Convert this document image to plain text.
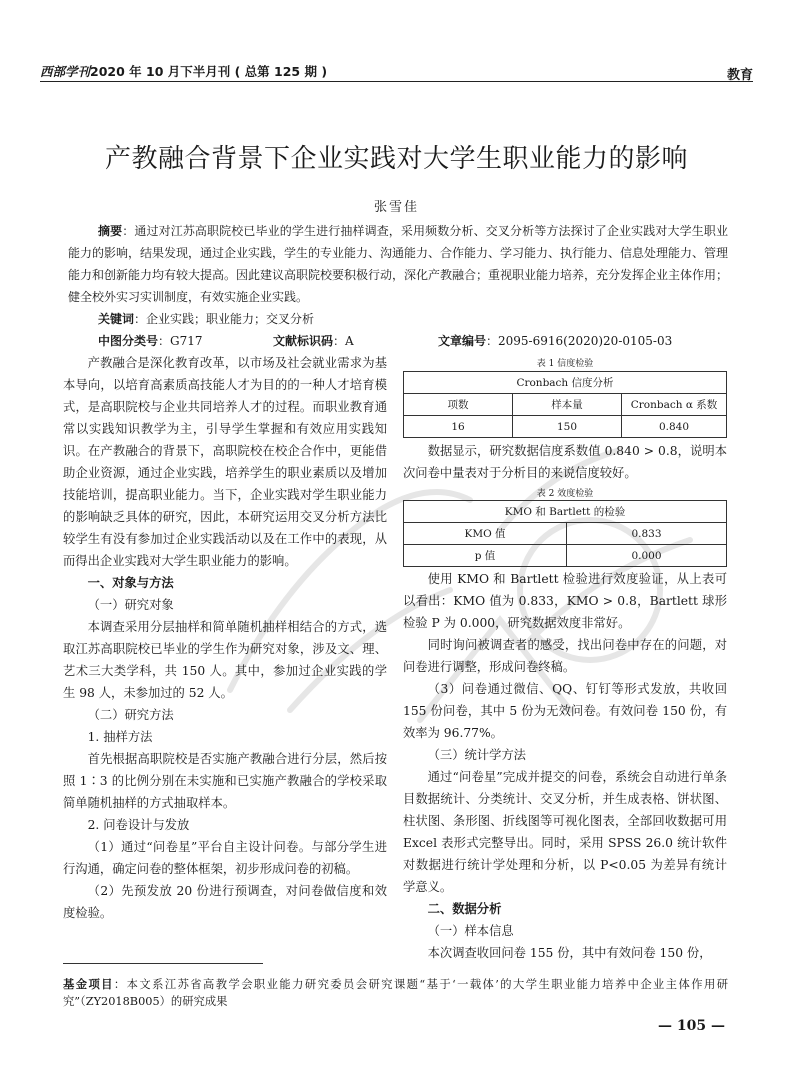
西部学刊2020 年 10 月下半月刊 ( 总第 125 期 )	教育
产教融合背景下企业实践对大学生职业能力的影响
张雪佳
摘要：通过对江苏高职院校已毕业的学生进行抽样调查，采用频数分析、交叉分析等方法探讨了企业实践对大学生职业能力的影响，结果发现，通过企业实践，学生的专业能力、沟通能力、合作能力、学习能力、执行能力、信息处理能力、管理能力和创新能力均有较大提高。因此建议高职院校要积极行动，深化产教融合；重视职业能力培养，充分发挥企业主体作用；健全校外实习实训制度，有效实施企业实践。
关键词：企业实践；职业能力；交叉分析
中图分类号：G717	文献标识码：A	文章编号：2095-6916(2020)20-0105-03

产教融合是深化教育改革，以市场及社会就业需求为基本导向，以培育高素质高技能人才为目的的一种人才培育模式，是高职院校与企业共同培养人才的过程。而职业教育通常以实践知识教学为主，引导学生掌握和有效应用实践知识。在产教融合的背景下，高职院校在校企合作中，更能借助企业资源，通过企业实践，培养学生的职业素质以及增加技能培训，提高职业能力。当下，企业实践对学生职业能力的影响缺乏具体的研究，因此，本研究运用交叉分析方法比较学生有没有参加过企业实践活动以及在工作中的表现，从而得出企业实践对大学生职业能力的影响。

一、对象与方法

（一）研究对象

本调查采用分层抽样和简单随机抽样相结合的方式，选取江苏高职院校已毕业的学生作为研究对象，涉及文、理、艺术三大类学科，共 150 人。其中，参加过企业实践的学生 98 人，未参加过的 52 人。

（二）研究方法

1. 抽样方法

首先根据高职院校是否实施产教融合进行分层，然后按照 1∶3 的比例分别在未实施和已实施产教融合的学校采取简单随机抽样的方式抽取样本。

2. 问卷设计与发放

（1）通过“问卷星”平台自主设计问卷。与部分学生进行沟通，确定问卷的整体框架，初步形成问卷的初稿。

（2）先预发放 20 份进行预调查，对问卷做信度和效度检验。

表 1 信度检验
Cronbach 信度分析		
项数	样本量	Cronbach α 系数
16	150	0.840

数据显示，研究数据信度系数值 0.840 > 0.8，说明本次问卷中量表对于分析目的来说信度较好。

表 2 效度检验
KMO 和 Bartlett 的检验	
KMO 值	0.833
p 值	0.000

使用 KMO 和 Bartlett 检验进行效度验证，从上表可以看出：KMO 值为 0.833，KMO > 0.8，Bartlett 球形检验 P 为 0.000，研究数据效度非常好。

同时询问被调查者的感受，找出问卷中存在的问题，对问卷进行调整，形成问卷终稿。

（3）问卷通过微信、QQ、钉钉等形式发放，共收回 155 份问卷，其中 5 份为无效问卷。有效问卷 150 份，有效率为 96.77%。

（三）统计学方法

通过“问卷星”完成并提交的问卷，系统会自动进行单条目数据统计、分类统计、交叉分析，并生成表格、饼状图、柱状图、条形图、折线图等可视化图表，全部回收数据可用 Excel 表形式完整导出。同时，采用 SPSS 26.0 统计软件对数据进行统计学处理和分析，以 P<0.05 为差异有统计学意义。

二、数据分析

（一）样本信息

本次调查收回问卷 155 份，其中有效问卷 150 份，

基金项目：本文系江苏省高教学会职业能力研究委员会研究课题“基于‘一载体’的大学生职业能力培养中企业主体作用研究”（ZY2018B005）的研究成果
— 105 —
